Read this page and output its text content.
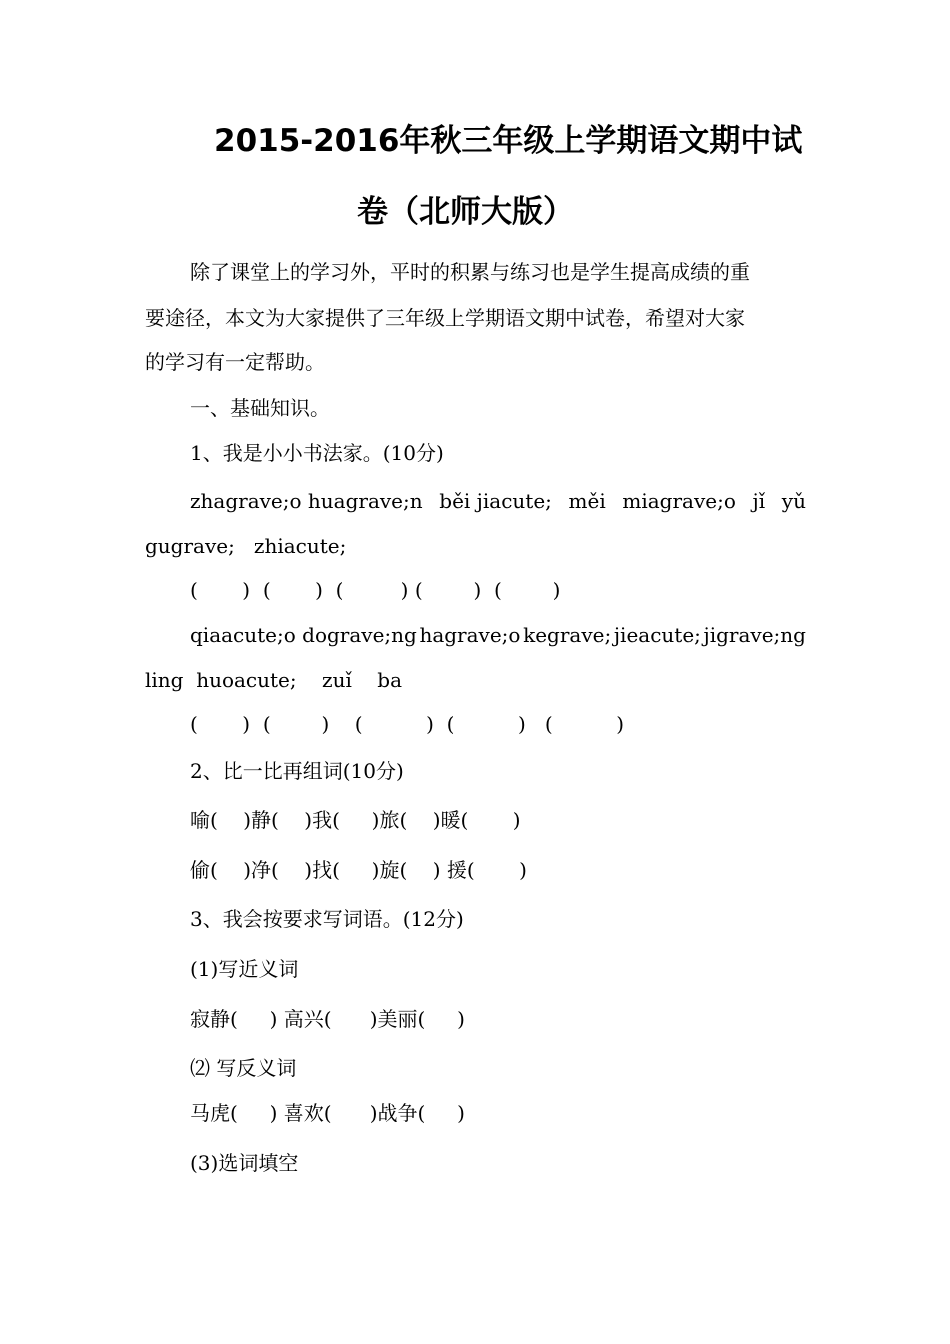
2015-2016年秋三年级上学期语文期中试
卷（北师大版）
除了课堂上的学习外，平时的积累与练习也是学生提高成绩的重
要途径，本文为大家提供了三年级上学期语文期中试卷，希望对大家
的学习有一定帮助。
一、基础知识。
1、我是小小书法家。(10分)
zhagrave;o huagrave;n běi jiacute; měi miagrave;o jǐ yǔ
gugrave;   zhiacute;
(       )  (       )  (         ) (        )  (        )
qiaacute;o dograve;ng hagrave;o kegrave; jieacute; jigrave;ng
ling  huoacute;    zuǐ    ba
(       )  (        )    (          )  (          )   (          )
2、比一比再组词(10分)
喻(    )静(    )我(     )旅(    )暖(       )
偷(    )净(    )找(     )旋(    ) 援(       )
3、我会按要求写词语。(12分)
(1)写近义词
寂静(     ) 高兴(      )美丽(     )
⑵ 写反义词
马虎(     ) 喜欢(      )战争(     )
(3)选词填空
